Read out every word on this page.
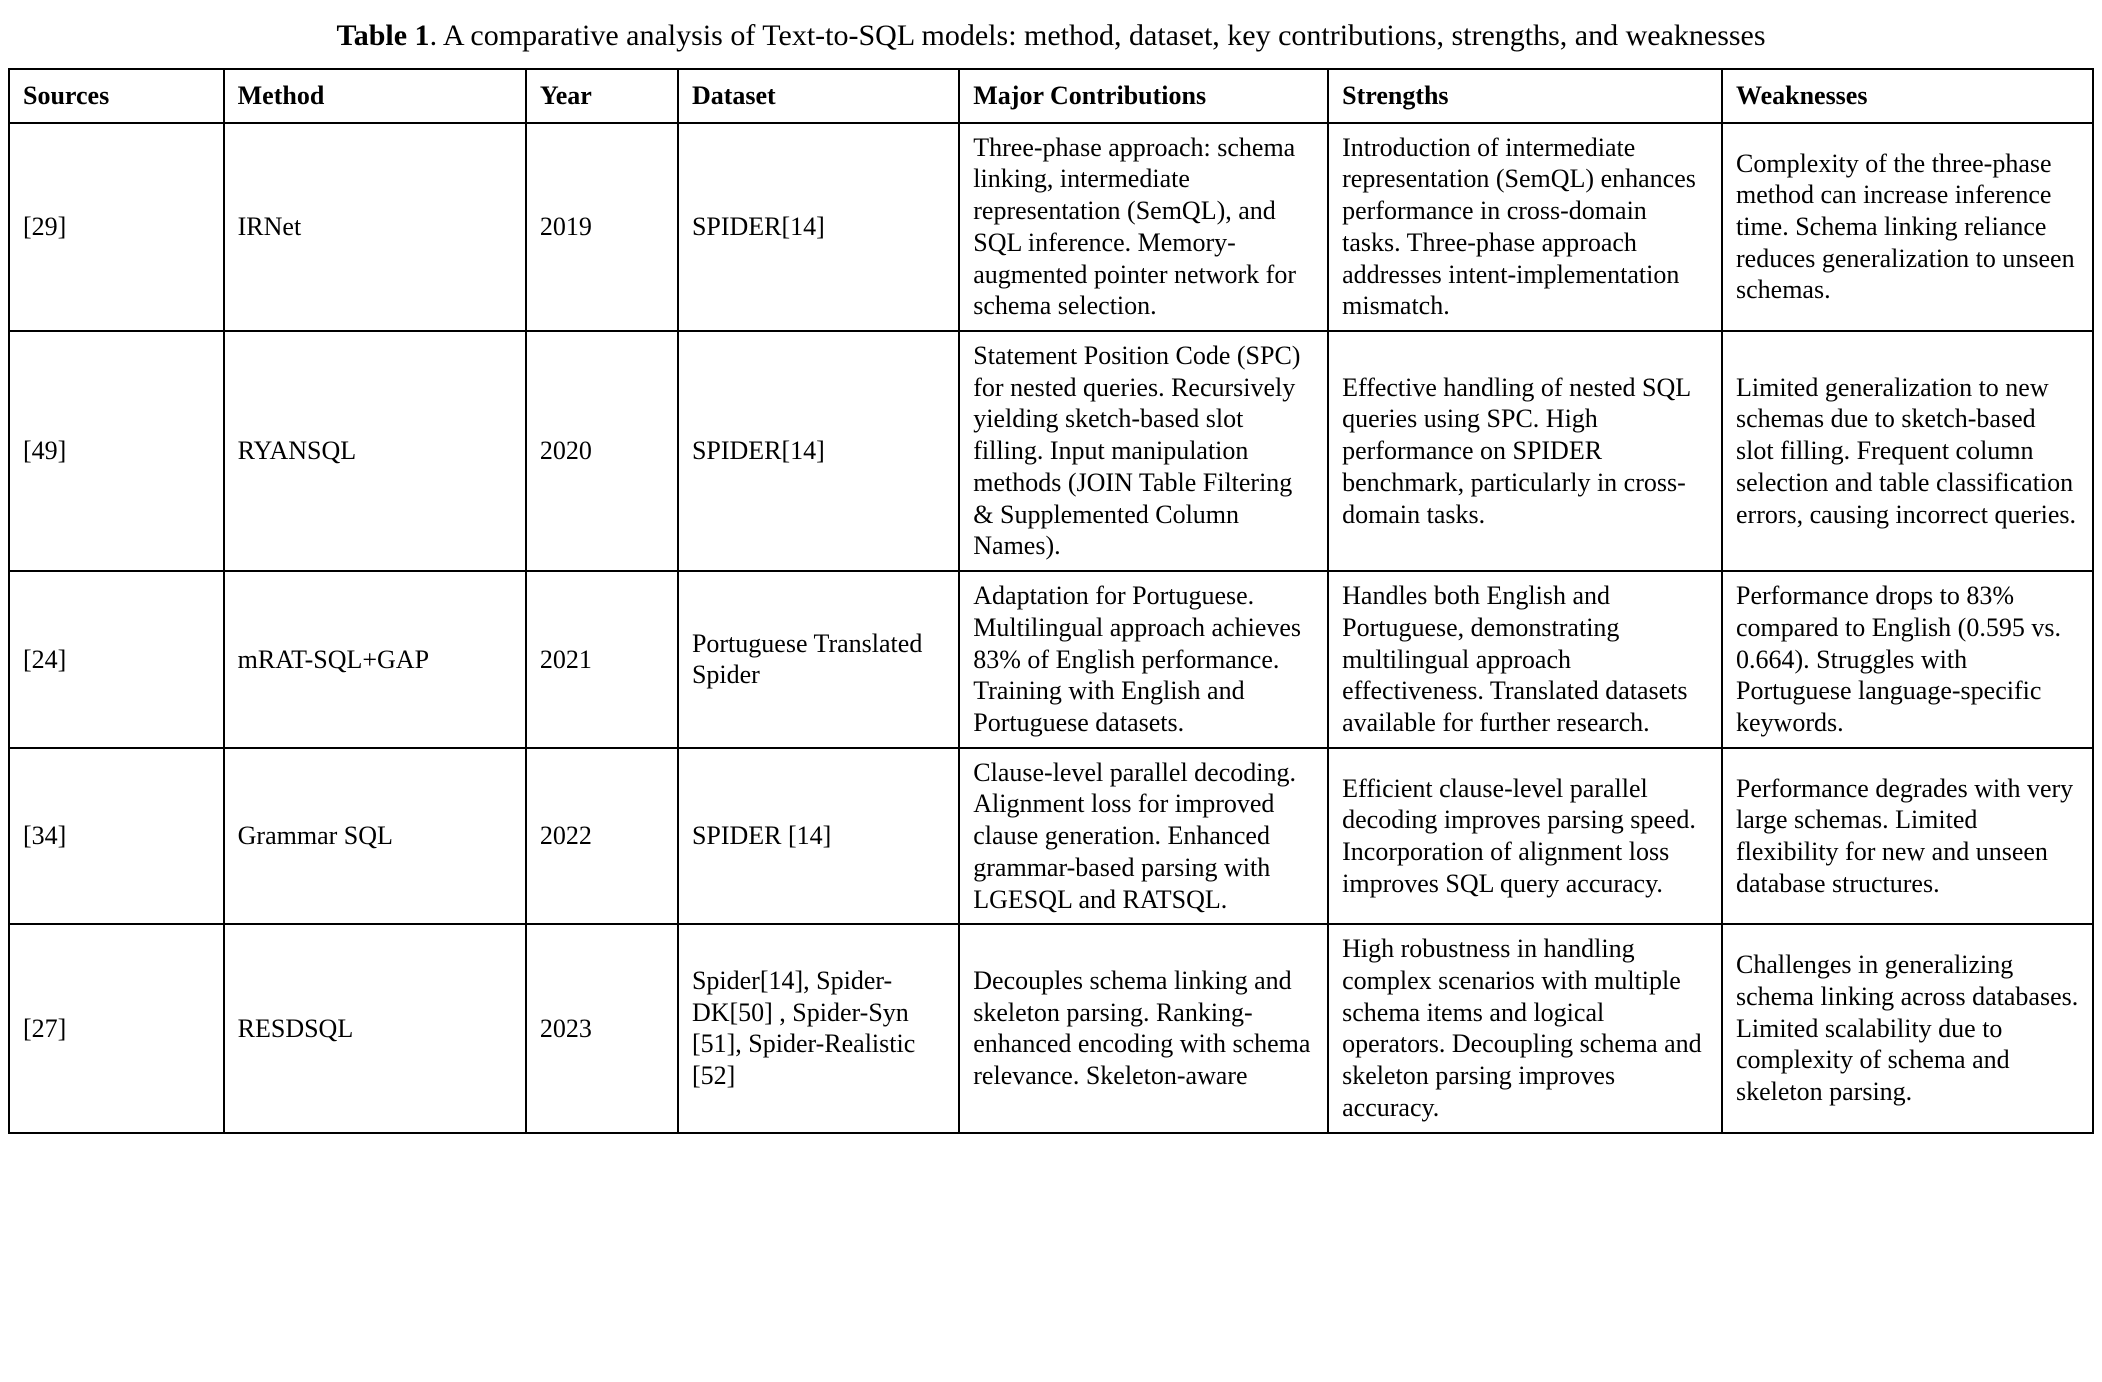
Table 1. A comparative analysis of Text-to-SQL models: method, dataset, key contributions, strengths, and weaknesses
Sources	Method	Year	Dataset	Major Contributions	Strengths	Weaknesses
[29]	IRNet	2019	SPIDER[14]	Three-phase approach: schema linking, intermediate representation (SemQL), and SQL inference. Memory-augmented pointer network for schema selection.	Introduction of intermediate representation (SemQL) enhances performance in cross-domain tasks. Three-phase approach addresses intent-implementation mismatch.	Complexity of the three-phase method can increase inference time. Schema linking reliance reduces generalization to unseen schemas.
[49]	RYANSQL	2020	SPIDER[14]	Statement Position Code (SPC) for nested queries. Recursively yielding sketch-based slot filling. Input manipulation methods (JOIN Table Filtering & Supplemented Column Names).	Effective handling of nested SQL queries using SPC. High performance on SPIDER benchmark, particularly in cross-domain tasks.	Limited generalization to new schemas due to sketch-based slot filling. Frequent column selection and table classification errors, causing incorrect queries.
[24]	mRAT-SQL+GAP	2021	Portuguese Translated Spider	Adaptation for Portuguese. Multilingual approach achieves 83% of English performance. Training with English and Portuguese datasets.	Handles both English and Portuguese, demonstrating multilingual approach effectiveness. Translated datasets available for further research.	Performance drops to 83% compared to English (0.595 vs. 0.664). Struggles with Portuguese language-specific keywords.
[34]	Grammar SQL	2022	SPIDER [14]	Clause-level parallel decoding. Alignment loss for improved clause generation. Enhanced grammar-based parsing with LGESQL and RATSQL.	Efficient clause-level parallel decoding improves parsing speed. Incorporation of alignment loss improves SQL query accuracy.	Performance degrades with very large schemas. Limited flexibility for new and unseen database structures.
[27]	RESDSQL	2023	Spider[14], Spider-DK[50] , Spider-Syn [51], Spider-Realistic [52]	Decouples schema linking and skeleton parsing. Ranking-enhanced encoding with schema relevance. Skeleton-aware	High robustness in handling complex scenarios with multiple schema items and logical operators. Decoupling schema and skeleton parsing improves accuracy.	Challenges in generalizing schema linking across databases. Limited scalability due to complexity of schema and skeleton parsing.
